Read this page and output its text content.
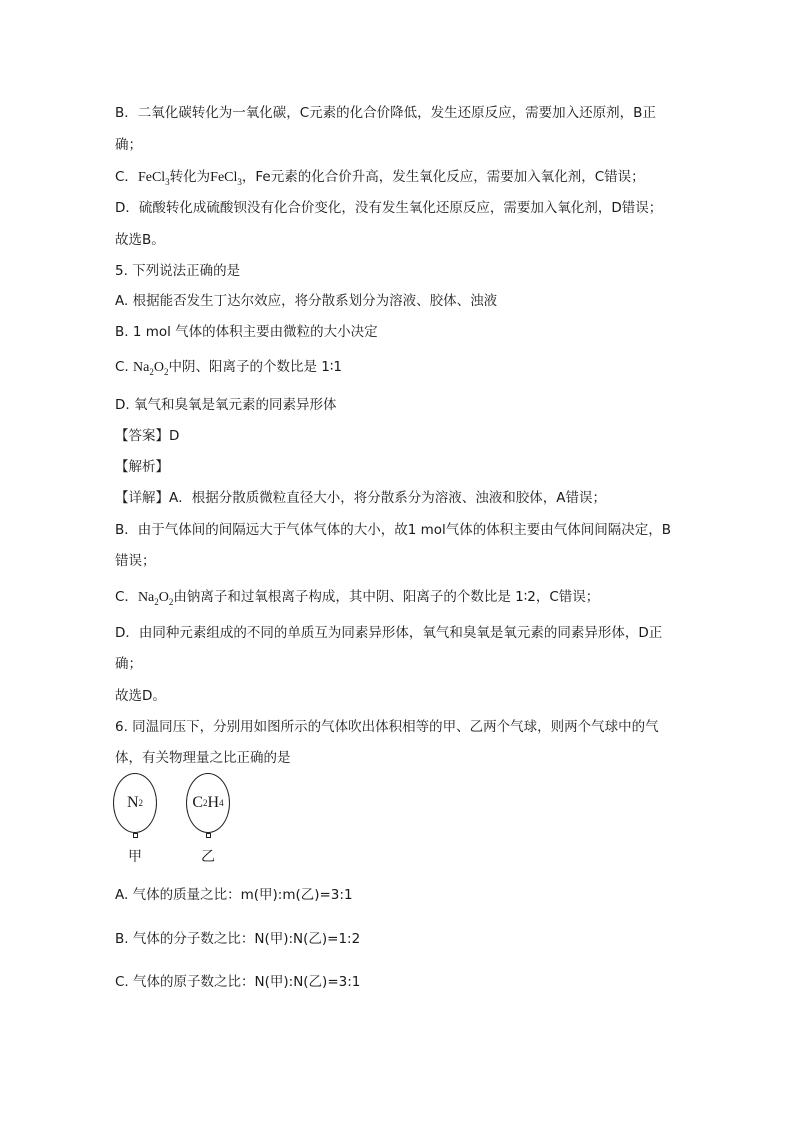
B．二氧化碳转化为一氧化碳，C元素的化合价降低，发生还原反应，需要加入还原剂，B正
确；
C．FeCl$_3$转化为FeCl$_3$，Fe元素的化合价升高，发生氧化反应，需要加入氧化剂，C错误；
D．硫酸转化成硫酸钡没有化合价变化，没有发生氧化还原反应，需要加入氧化剂，D错误；
故选B。
5. 下列说法正确的是
A. 根据能否发生丁达尔效应，将分散系划分为溶液、胶体、浊液
B. 1 mol 气体的体积主要由微粒的大小决定
C. $Na_2O_2$中阴、阳离子的个数比是 1∶1
D. 氧气和臭氧是氧元素的同素异形体
【答案】D
【解析】
【详解】A．根据分散质微粒直径大小，将分散系分为溶液、浊液和胶体，A错误；
B．由于气体间的间隔远大于气体气体的大小，故1 mol气体的体积主要由气体间间隔决定，B
错误；
C．$Na_2O_2$由钠离子和过氧根离子构成，其中阴、阳离子的个数比是 1∶2，C错误；
D．由同种元素组成的不同的单质互为同素异形体，氧气和臭氧是氧元素的同素异形体，D正
确；
故选D。
6. 同温同压下，分别用如图所示的气体吹出体积相等的甲、乙两个气球，则两个气球中的气
体，有关物理量之比正确的是
N 2
甲
C 2 H 4
乙
A. 气体的质量之比：m(甲):m(乙)=3:1
B. 气体的分子数之比：N(甲):N(乙)=1:2
C. 气体的原子数之比：N(甲):N(乙)=3:1
